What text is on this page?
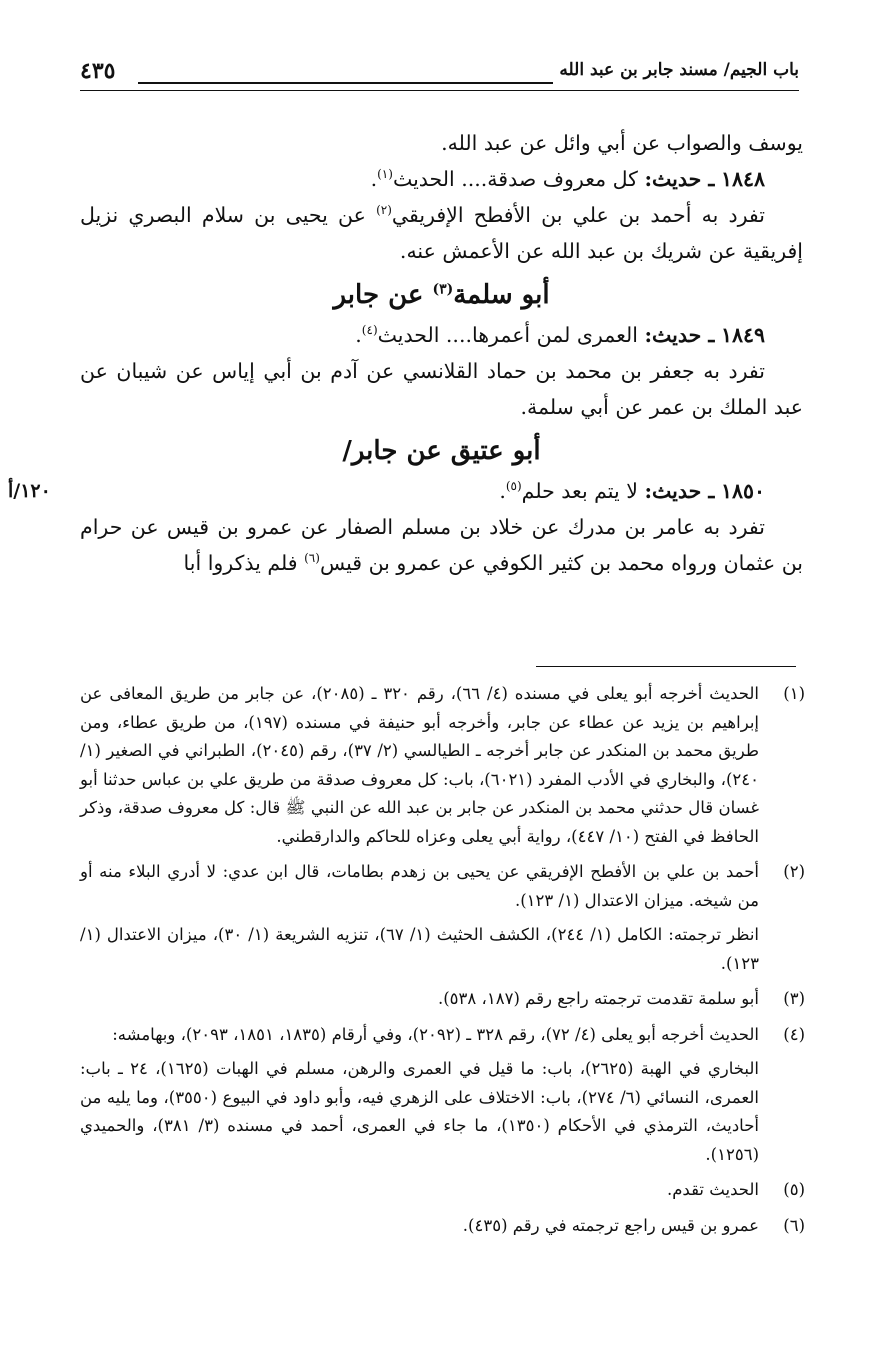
باب الجيم/ مسند جابر بن عبد الله
٤٣٥
١٢٠/أ

يوسف والصواب عن أبي وائل عن عبد الله.

١٨٤٨ ـ حديث: كل معروف صدقة.... الحديث$^{(١)}$.

تفرد به أحمد بن علي بن الأفطح الإفريقي$^{(٢)}$ عن يحيى بن سلام البصري نزيل إفريقية عن شريك بن عبد الله عن الأعمش عنه.

أبو سلمة$^{(٣)}$ عن جابر

١٨٤٩ ـ حديث: العمرى لمن أعمرها.... الحديث$^{(٤)}$.

تفرد به جعفر بن محمد بن حماد القلانسي عن آدم بن أبي إياس عن شيبان عن عبد الملك بن عمر عن أبي سلمة.

أبو عتيق عن جابر/

١٨٥٠ ـ حديث: لا يتم بعد حلم$^{(٥)}$.

تفرد به عامر بن مدرك عن خلاد بن مسلم الصفار عن عمرو بن قيس عن حرام بن عثمان ورواه محمد بن كثير الكوفي عن عمرو بن قيس$^{(٦)}$ فلم يذكروا أبا

(١)

الحديث أخرجه أبو يعلى في مسنده (٤/ ٦٦)، رقم ٣٢٠ ـ (٢٠٨٥)، عن جابر من طريق المعافى عن إبراهيم بن يزيد عن عطاء عن جابر، وأخرجه أبو حنيفة في مسنده (١٩٧)، من طريق عطاء، ومن طريق محمد بن المنكدر عن جابر أخرجه ـ الطيالسي (٢/ ٣٧)، رقم (٢٠٤٥)، الطبراني في الصغير (١/ ٢٤٠)، والبخاري في الأدب المفرد (٦٠٢١)، باب: كل معروف صدقة من طريق علي بن عباس حدثنا أبو غسان قال حدثني محمد بن المنكدر عن جابر بن عبد الله عن النبي ﷺ قال: كل معروف صدقة، وذكر الحافظ في الفتح (١٠/ ٤٤٧)، رواية أبي يعلى وعزاه للحاكم والدارقطني.

(٢)

أحمد بن علي بن الأفطح الإفريقي عن يحيى بن زهدم بطامات، قال ابن عدي: لا أدري البلاء منه أو من شيخه. ميزان الاعتدال (١/ ١٢٣).

انظر ترجمته: الكامل (١/ ٢٤٤)، الكشف الحثيث (١/ ٦٧)، تنزيه الشريعة (١/ ٣٠)، ميزان الاعتدال (١/ ١٢٣).

(٣)

أبو سلمة تقدمت ترجمته راجع رقم (١٨٧، ٥٣٨).

(٤)

الحديث أخرجه أبو يعلى (٤/ ٧٢)، رقم ٣٢٨ ـ (٢٠٩٢)، وفي أرقام (١٨٣٥، ١٨٥١، ٢٠٩٣)، وبهامشه:

البخاري في الهبة (٢٦٢٥)، باب: ما قيل في العمرى والرهن، مسلم في الهبات (١٦٢٥)، ٢٤ ـ باب: العمرى، النسائي (٦/ ٢٧٤)، باب: الاختلاف على الزهري فيه، وأبو داود في البيوع (٣٥٥٠)، وما يليه من أحاديث، الترمذي في الأحكام (١٣٥٠)، ما جاء في العمرى، أحمد في مسنده (٣/ ٣٨١)، والحميدي (١٢٥٦).

(٥)

الحديث تقدم.

(٦)

عمرو بن قيس راجع ترجمته في رقم (٤٣٥).
